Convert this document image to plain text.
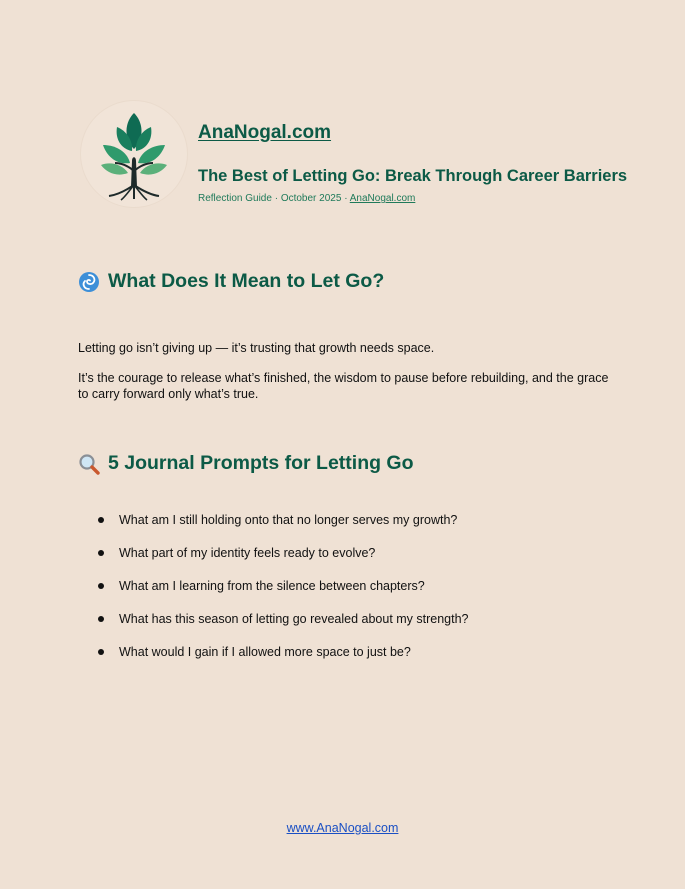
AnaNogal.com
The Best of Letting Go: Break Through Career Barriers
Reflection Guide · October 2025 · AnaNogal.com
What Does It Mean to Let Go?
Letting go isn’t giving up — it’s trusting that growth needs space.
It’s the courage to release what’s finished, the wisdom to pause before rebuilding, and the grace to carry forward only what’s true.
5 Journal Prompts for Letting Go
What am I still holding onto that no longer serves my growth?
What part of my identity feels ready to evolve?
What am I learning from the silence between chapters?
What has this season of letting go revealed about my strength?
What would I gain if I allowed more space to just be?
www.AnaNogal.com
